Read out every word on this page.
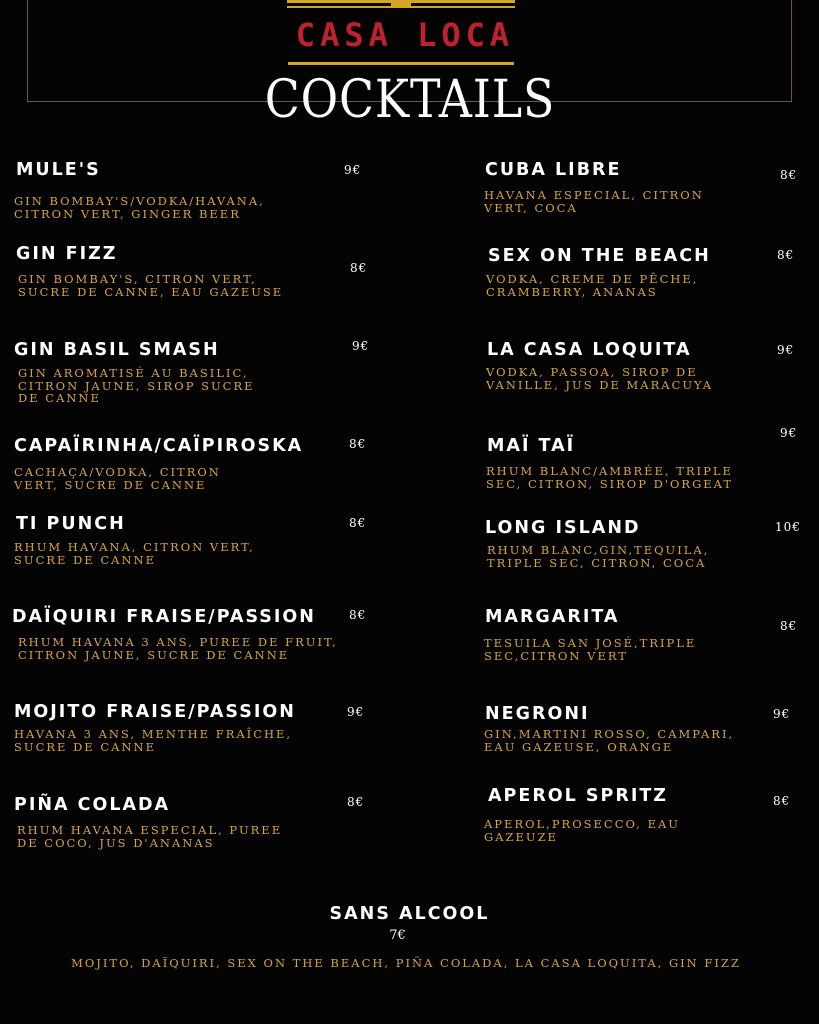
CASA LOCA
COCKTAILS
MULE'S	9€
GIN BOMBAY'S/VODKA/HAVANA,
CITRON VERT, GINGER BEER
GIN FIZZ
8€
GIN BOMBAY'S, CITRON VERT,
SUCRE DE CANNE, EAU GAZEUSE
GIN BASIL SMASH	9€
GIN AROMATISÉ AU BASILIC,
CITRON JAUNE, SIROP SUCRE
DE CANNE
CAPAÏRINHA/CAÏPIROSKA	8€
CACHAÇA/VODKA, CITRON
VERT, SUCRE DE CANNE
TI PUNCH	8€
RHUM HAVANA, CITRON VERT,
SUCRE DE CANNE
DAÏQUIRI FRAISE/PASSION	8€
RHUM HAVANA 3 ANS, PUREE DE FRUIT,
CITRON JAUNE, SUCRE DE CANNE
MOJITO FRAISE/PASSION	9€
HAVANA 3 ANS, MENTHE FRAÎCHE,
SUCRE DE CANNE
PIÑA COLADA	8€
RHUM HAVANA ESPECIAL, PUREE
DE COCO, JUS D'ANANAS
CUBA LIBRE	8€
HAVANA ESPECIAL, CITRON
VERT, COCA
SEX ON THE BEACH	8€
VODKA, CREME DE PÊCHE,
CRAMBERRY, ANANAS
LA CASA LOQUITA	9€
VODKA, PASSOA, SIROP DE
VANILLE, JUS DE MARACUYA
MAÏ TAÏ
9€
RHUM BLANC/AMBRÉE, TRIPLE
SEC, CITRON, SIROP D'ORGEAT
LONG ISLAND	10€
RHUM BLANC,GIN,TEQUILA,
TRIPLE SEC, CITRON, COCA
MARGARITA	8€
TESUILA SAN JOSÉ,TRIPLE
SEC,CITRON VERT
NEGRONI	9€
GIN,MARTINI ROSSO, CAMPARI,
EAU GAZEUSE, ORANGE
APEROL SPRITZ	8€
APEROL,PROSECCO, EAU
GAZEUZE
SANS ALCOOL
7€
MOJITO, DAÏQUIRI, SEX ON THE BEACH, PIÑA COLADA, LA CASA LOQUITA, GIN FIZZ
